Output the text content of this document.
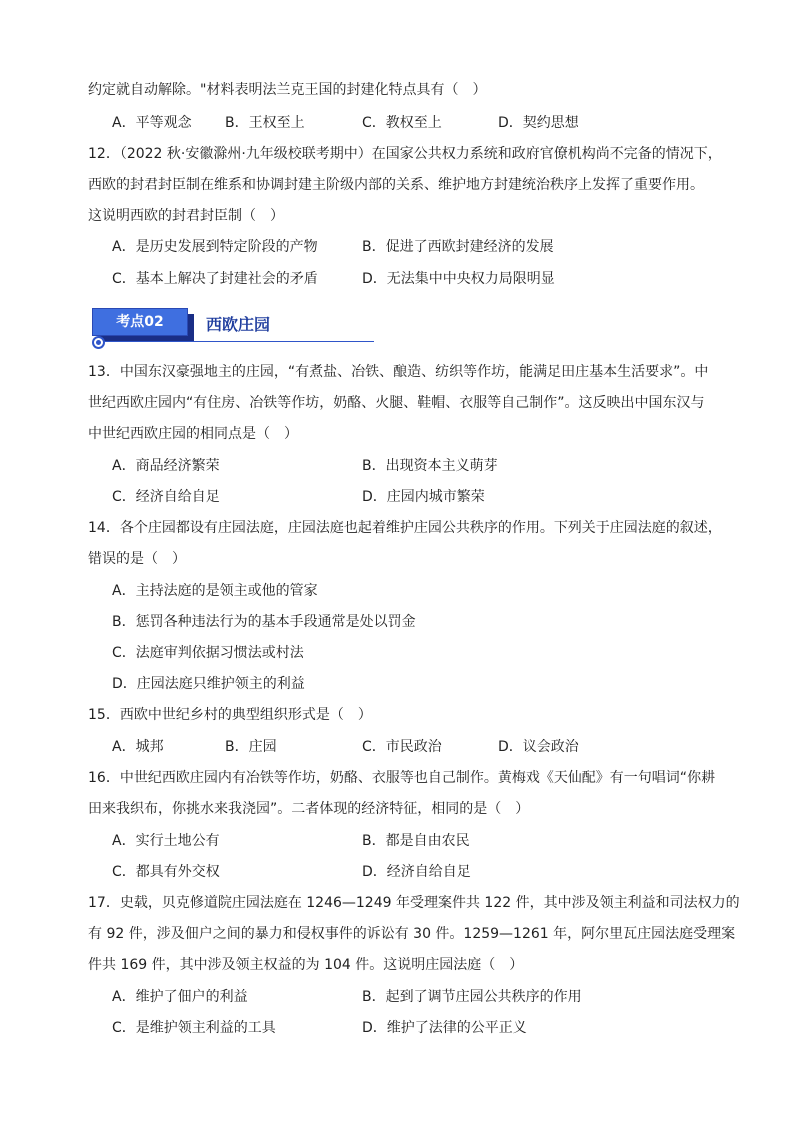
约定就自动解除。"材料表明法兰克王国的封建化特点具有（　）
A．平等观念 B．王权至上	C．教权至上	D．契约思想
12．（2022 秋·安徽滁州·九年级校联考期中）在国家公共权力系统和政府官僚机构尚不完备的情况下，
西欧的封君封臣制在维系和协调封建主阶级内部的关系、维护地方封建统治秩序上发挥了重要作用。
这说明西欧的封君封臣制（　）
A．是历史发展到特定阶段的产物	B．促进了西欧封建经济的发展
C．基本上解决了封建社会的矛盾	D．无法集中中央权力局限明显
考点02	西欧庄园
13．中国东汉豪强地主的庄园，“有煮盐、冶铁、酿造、纺织等作坊，能满足田庄基本生活要求”。中
世纪西欧庄园内“有住房、冶铁等作坊，奶酪、火腿、鞋帽、衣服等自己制作”。这反映出中国东汉与
中世纪西欧庄园的相同点是（　）
A．商品经济繁荣	B．出现资本主义萌芽
C．经济自给自足	D．庄园内城市繁荣
14．各个庄园都设有庄园法庭，庄园法庭也起着维护庄园公共秩序的作用。下列关于庄园法庭的叙述，
错误的是（　）
A．主持法庭的是领主或他的管家
B．惩罚各种违法行为的基本手段通常是处以罚金
C．法庭审判依据习惯法或村法
D．庄园法庭只维护领主的利益
15．西欧中世纪乡村的典型组织形式是（　）
A．城邦	B．庄园	C．市民政治	D．议会政治
16．中世纪西欧庄园内有冶铁等作坊，奶酪、衣服等也自己制作。黄梅戏《天仙配》有一句唱词“你耕
田来我织布，你挑水来我浇园”。二者体现的经济特征，相同的是（　）
A．实行土地公有	B．都是自由农民
C．都具有外交权	D．经济自给自足
17．史载，贝克修道院庄园法庭在 1246—1249 年受理案件共 122 件，其中涉及领主利益和司法权力的
有 92 件，涉及佃户之间的暴力和侵权事件的诉讼有 30 件。1259—1261 年，阿尔里瓦庄园法庭受理案
件共 169 件，其中涉及领主权益的为 104 件。这说明庄园法庭（　）
A．维护了佃户的利益	B．起到了调节庄园公共秩序的作用
C．是维护领主利益的工具	D．维护了法律的公平正义
